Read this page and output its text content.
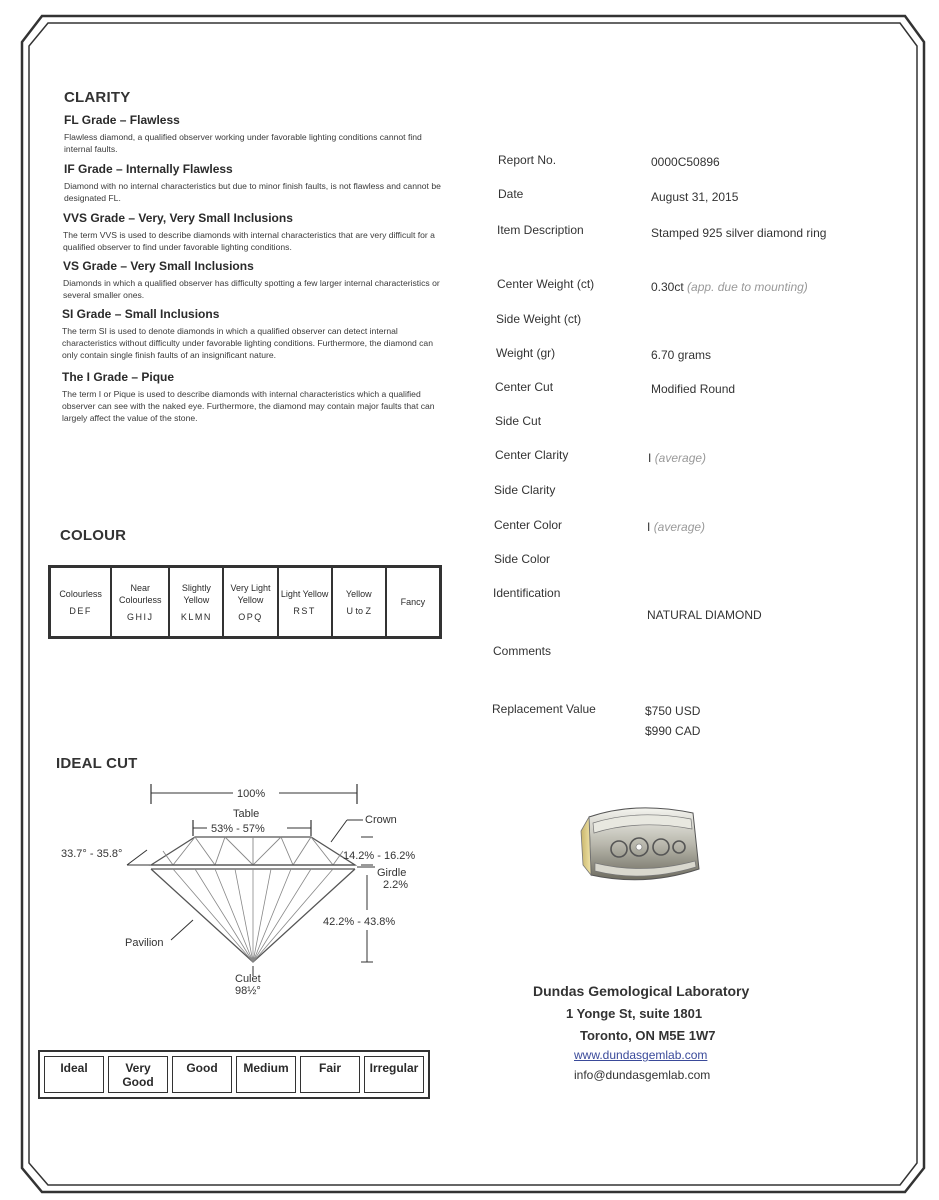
CLARITY
FL Grade – Flawless
Flawless diamond, a qualified observer working under favorable lighting conditions cannot find internal faults.
IF Grade – Internally Flawless
Diamond with no internal characteristics but due to minor finish faults, is not flawless and cannot be designated FL.
VVS Grade – Very, Very Small Inclusions
The term VVS is used to describe diamonds with internal characteristics that are very difficult for a qualified observer to find under favorable lighting conditions.
VS Grade – Very Small Inclusions
Diamonds in which a qualified observer has difficulty spotting a few larger internal characteristics or several smaller ones.
SI Grade – Small Inclusions
The term SI is used to denote diamonds in which a qualified observer can detect internal characteristics without difficulty under favorable lighting conditions. Furthermore, the diamond can only contain single finish faults of an insignificant nature.
The I Grade – Pique
The term I or Pique is used to describe diamonds with internal characteristics which a qualified observer can see with the naked eye. Furthermore, the diamond may contain major faults that can largely affect the value of the stone.
COLOUR
Colourless
DEF

Near Colourless
GHIJ

Slightly Yellow
KLMN

Very Light Yellow
OPQ

Light Yellow
RST

Yellow
U to Z

Fancy
IDEAL CUT
100%
Table
53% - 57%
Crown
33.7° - 35.8°	14.2% - 16.2%
Girdle
2.2%
42.2% - 43.8%
Pavilion
Culet
98½°
Ideal	Very Good	Good	Medium	Fair	Irregular
Report No.	0000C50896
Date	August 31, 2015
Item Description	Stamped 925 silver diamond ring
Center Weight (ct)	0.30ct (app. due to mounting)
Side Weight (ct)
Weight (gr)	6.70 grams
Center Cut	Modified Round
Side Cut
Center Clarity	I (average)
Side Clarity
Center Color	I (average)
Side Color
Identification
NATURAL DIAMOND
Comments
Replacement Value	$750 USD
$990 CAD
Dundas Gemological Laboratory
1 Yonge St, suite 1801
Toronto, ON M5E 1W7
www.dundasgemlab.com
info@dundasgemlab.com
